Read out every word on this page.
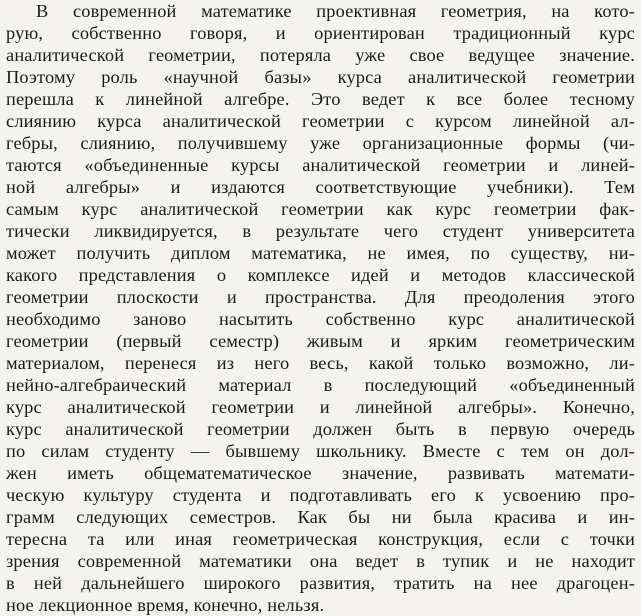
В современной математике проективная геометрия, на кото-
рую, собственно говоря, и ориентирован традиционный курс
аналитической геометрии, потеряла уже свое ведущее значение.
Поэтому роль «научной базы» курса аналитической геометрии
перешла к линейной алгебре. Это ведет к все более тесному
слиянию курса аналитической геометрии с курсом линейной ал-
гебры, слиянию, получившему уже организационные формы (чи-
таются «объединенные курсы аналитической геометрии и линей-
ной алгебры» и издаются соответствующие учебники). Тем
самым курс аналитической геометрии как курс геометрии фак-
тически ликвидируется, в результате чего студент университета
может получить диплом математика, не имея, по существу, ни-
какого представления о комплексе идей и методов классической
геометрии плоскости и пространства. Для преодоления этого
необходимо заново насытить собственно курс аналитической
геометрии (первый семестр) живым и ярким геометрическим
материалом, перенеся из него весь, какой только возможно, ли-
нейно-алгебраический материал в последующий «объединенный
курс аналитической геометрии и линейной алгебры». Конечно,
курс аналитической геометрии должен быть в первую очередь
по силам студенту — бывшему школьнику. Вместе с тем он дол-
жен иметь общематематическое значение, развивать математи-
ческую культуру студента и подготавливать его к усвоению про-
грамм следующих семестров. Как бы ни была красива и ин-
тересна та или иная геометрическая конструкция, если с точки
зрения современной математики она ведет в тупик и не находит
в ней дальнейшего широкого развития, тратить на нее драгоцен-
ное лекционное время, конечно, нельзя.
